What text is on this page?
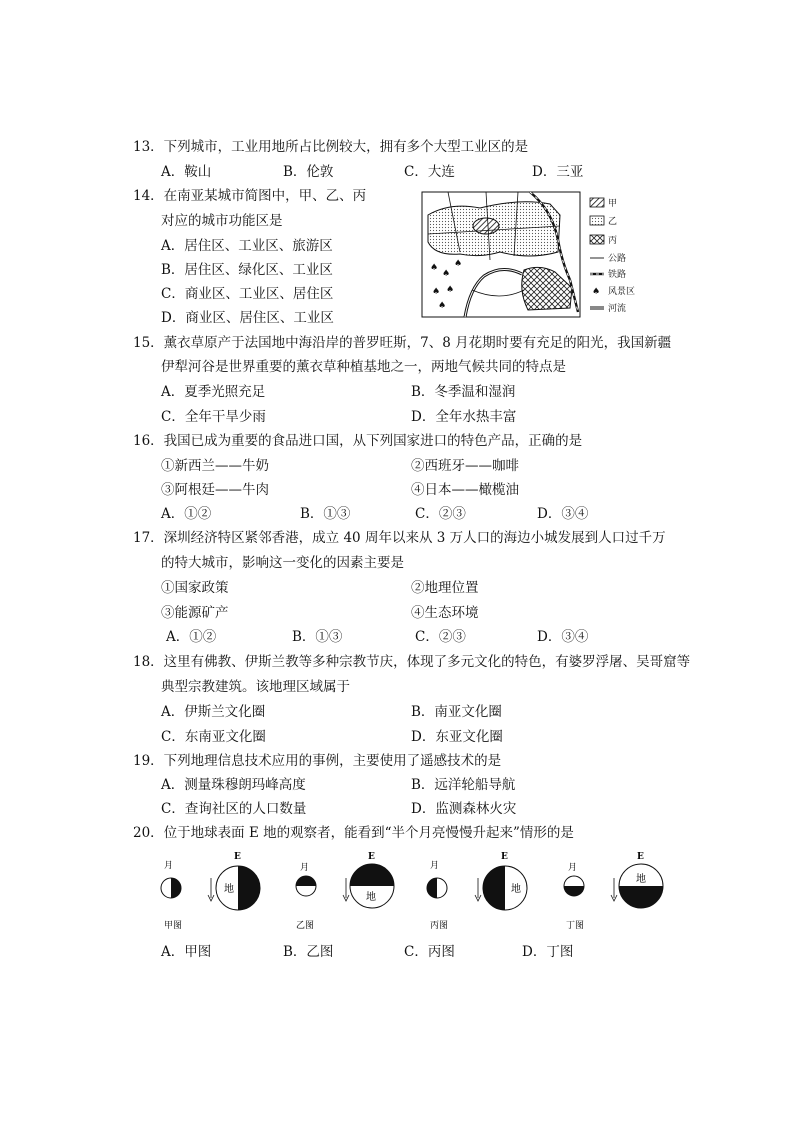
13．下列城市，工业用地所占比例较大，拥有多个大型工业区的是
A．鞍山	B．伦敦	C．大连	D．三亚
14．在南亚某城市简图中，甲、乙、丙
对应的城市功能区是
A．居住区、工业区、旅游区
B．居住区、绿化区、工业区
C．商业区、工业区、居住区
D．商业区、居住区、工业区
♠
♠
♠ ♠
♠
♠
甲
乙
丙
公路
铁路
♠ 风景区
河流
15．薰衣草原产于法国地中海沿岸的普罗旺斯，7、8 月花期时要有充足的阳光，我国新疆
伊犁河谷是世界重要的薰衣草种植基地之一，两地气候共同的特点是
A．夏季光照充足	B．冬季温和湿润
C．全年干旱少雨	D．全年水热丰富
16．我国已成为重要的食品进口国，从下列国家进口的特色产品，正确的是
①新西兰——牛奶	②西班牙——咖啡
③阿根廷——牛肉	④日本——橄榄油
A．①②	B．①③	C．②③	D．③④
17．深圳经济特区紧邻香港，成立 40 周年以来从 3 万人口的海边小城发展到人口过千万
的特大城市，影响这一变化的因素主要是
①国家政策	②地理位置
③能源矿产	④生态环境
A．①②	B．①③	C．②③	D．③④
18．这里有佛教、伊斯兰教等多种宗教节庆，体现了多元文化的特色，有婆罗浮屠、吴哥窟等
典型宗教建筑。该地理区域属于
A．伊斯兰文化圈	B．南亚文化圈
C．东南亚文化圈	D．东亚文化圈
19．下列地理信息技术应用的事例，主要使用了遥感技术的是
A．测量珠穆朗玛峰高度	B．远洋轮船导航
C．查询社区的人口数量	D．监测森林火灾
20．位于地球表面 E 地的观察者，能看到“半个月亮慢慢升起来”情形的是
月
E
地
甲图
月
E
地
乙图
月
E
地
丙图
月
E
地
丁图
A．甲图	B．乙图	C．丙图	D．丁图
